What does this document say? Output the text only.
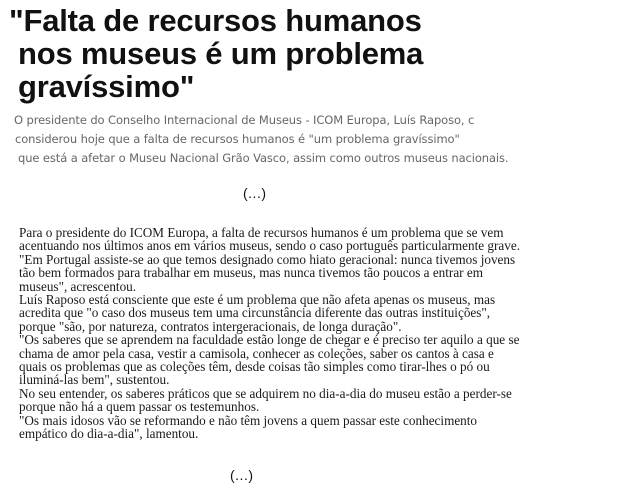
"Falta de recursos humanos
nos museus é um problema
gravíssimo"
O presidente do Conselho Internacional de Museus - ICOM Europa, Luís Raposo, c
considerou hoje que a falta de recursos humanos é "um problema gravíssimo"
que está a afetar o Museu Nacional Grão Vasco, assim como outros museus nacionais.
(...)
Para o presidente do ICOM Europa, a falta de recursos humanos é um problema que se vem
acentuando nos últimos anos em vários museus, sendo o caso português particularmente grave.
"Em Portugal assiste-se ao que temos designado como hiato geracional: nunca tivemos jovens
tão bem formados para trabalhar em museus, mas nunca tivemos tão poucos a entrar em
museus", acrescentou.
Luís Raposo está consciente que este é um problema que não afeta apenas os museus, mas
acredita que "o caso dos museus tem uma circunstância diferente das outras instituições",
porque "são, por natureza, contratos intergeracionais, de longa duração".
"Os saberes que se aprendem na faculdade estão longe de chegar e é preciso ter aquilo a que se
chama de amor pela casa, vestir a camisola, conhecer as coleções, saber os cantos à casa e
quais os problemas que as coleções têm, desde coisas tão simples como tirar-lhes o pó ou
iluminá-las bem", sustentou.
No seu entender, os saberes práticos que se adquirem no dia-a-dia do museu estão a perder-se
porque não há a quem passar os testemunhos.
"Os mais idosos vão se reformando e não têm jovens a quem passar este conhecimento
empático do dia-a-dia", lamentou.
(...)
